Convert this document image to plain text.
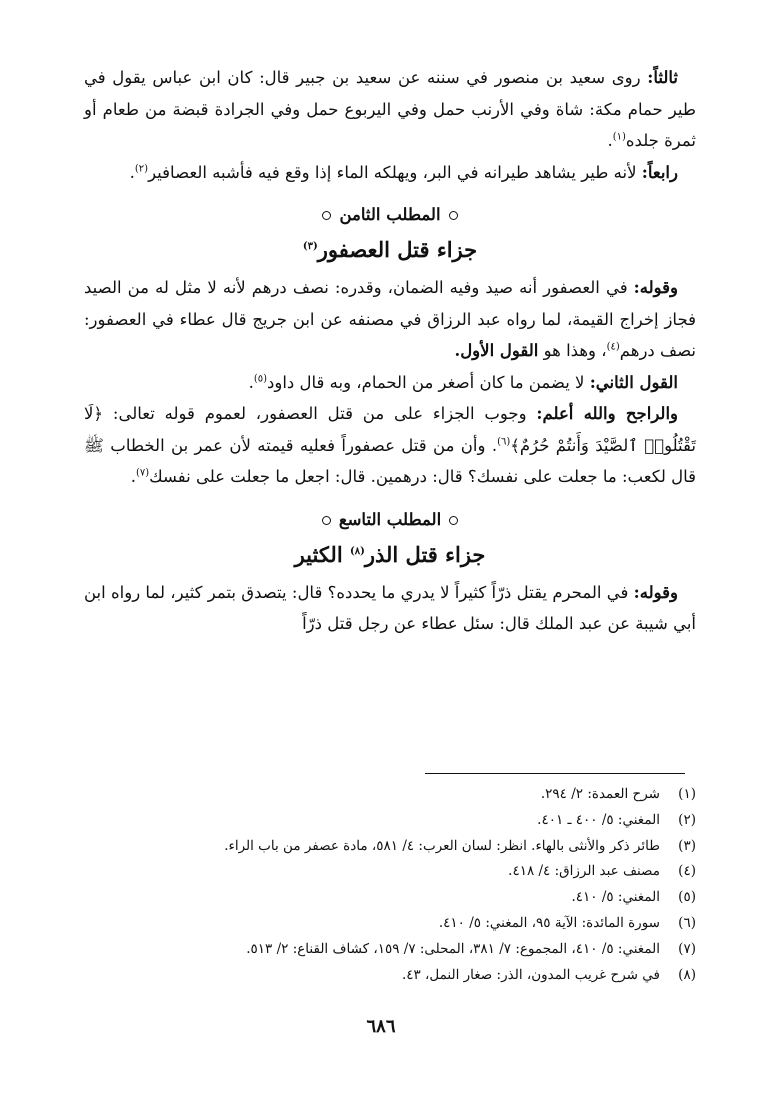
ثالثاً: روى سعيد بن منصور في سننه عن سعيد بن جبير قال: كان ابن عباس يقول في طير حمام مكة: شاة وفي الأرنب حمل وفي اليربوع حمل وفي الجرادة قبضة من طعام أو ثمرة جلده$^{(١)}$.

رابعاً: لأنه طير يشاهد طيرانه في البر، ويهلكه الماء إذا وقع فيه فأشبه العصافير$^{(٢)}$.

المطلب الثامن
جزاء قتل العصفور$^{(٣)}$

وقوله: في العصفور أنه صيد وفيه الضمان، وقدره: نصف درهم لأنه لا مثل له من الصيد فجاز إخراج القيمة، لما رواه عبد الرزاق في مصنفه عن ابن جريج قال عطاء في العصفور: نصف درهم$^{(٤)}$، وهذا هو القول الأول.

القول الثاني: لا يضمن ما كان أصغر من الحمام، وبه قال داود$^{(٥)}$.

والراجح والله أعلم: وجوب الجزاء على من قتل العصفور، لعموم قوله تعالى: ﴿لَا تَقْتُلُوا۟ ٱلصَّيْدَ وَأَنتُمْ حُرُمٌ﴾$^{(٦)}$. وأن من قتل عصفوراً فعليه قيمته لأن عمر بن الخطاب ﷺ قال لكعب: ما جعلت على نفسك؟ قال: درهمين. قال: اجعل ما جعلت على نفسك$^{(٧)}$.

المطلب التاسع
جزاء قتل الذر$^{(٨)}$ الكثير

وقوله: في المحرم يقتل ذرّاً كثيراً لا يدري ما يحدده؟ قال: يتصدق بتمر كثير، لما رواه ابن أبي شيبة عن عبد الملك قال: سئل عطاء عن رجل قتل ذرّاً

(١)
شرح العمدة: ٢/ ٢٩٤.
(٢)
المغني: ٥/ ٤٠٠ ـ ٤٠١.
(٣)
طائر ذكر والأنثى بالهاء. انظر: لسان العرب: ٤/ ٥٨١، مادة عصفر من باب الراء.
(٤)
مصنف عبد الرزاق: ٤/ ٤١٨.
(٥)
المغني: ٥/ ٤١٠.
(٦)
سورة المائدة: الآية ٩٥، المغني: ٥/ ٤١٠.
(٧)
المغني: ٥/ ٤١٠، المجموع: ٧/ ٣٨١، المحلى: ٧/ ١٥٩، كشاف القناع: ٢/ ٥١٣.
(٨)
في شرح غريب المدون، الذر: صغار النمل، ٤٣.
٦٨٦
